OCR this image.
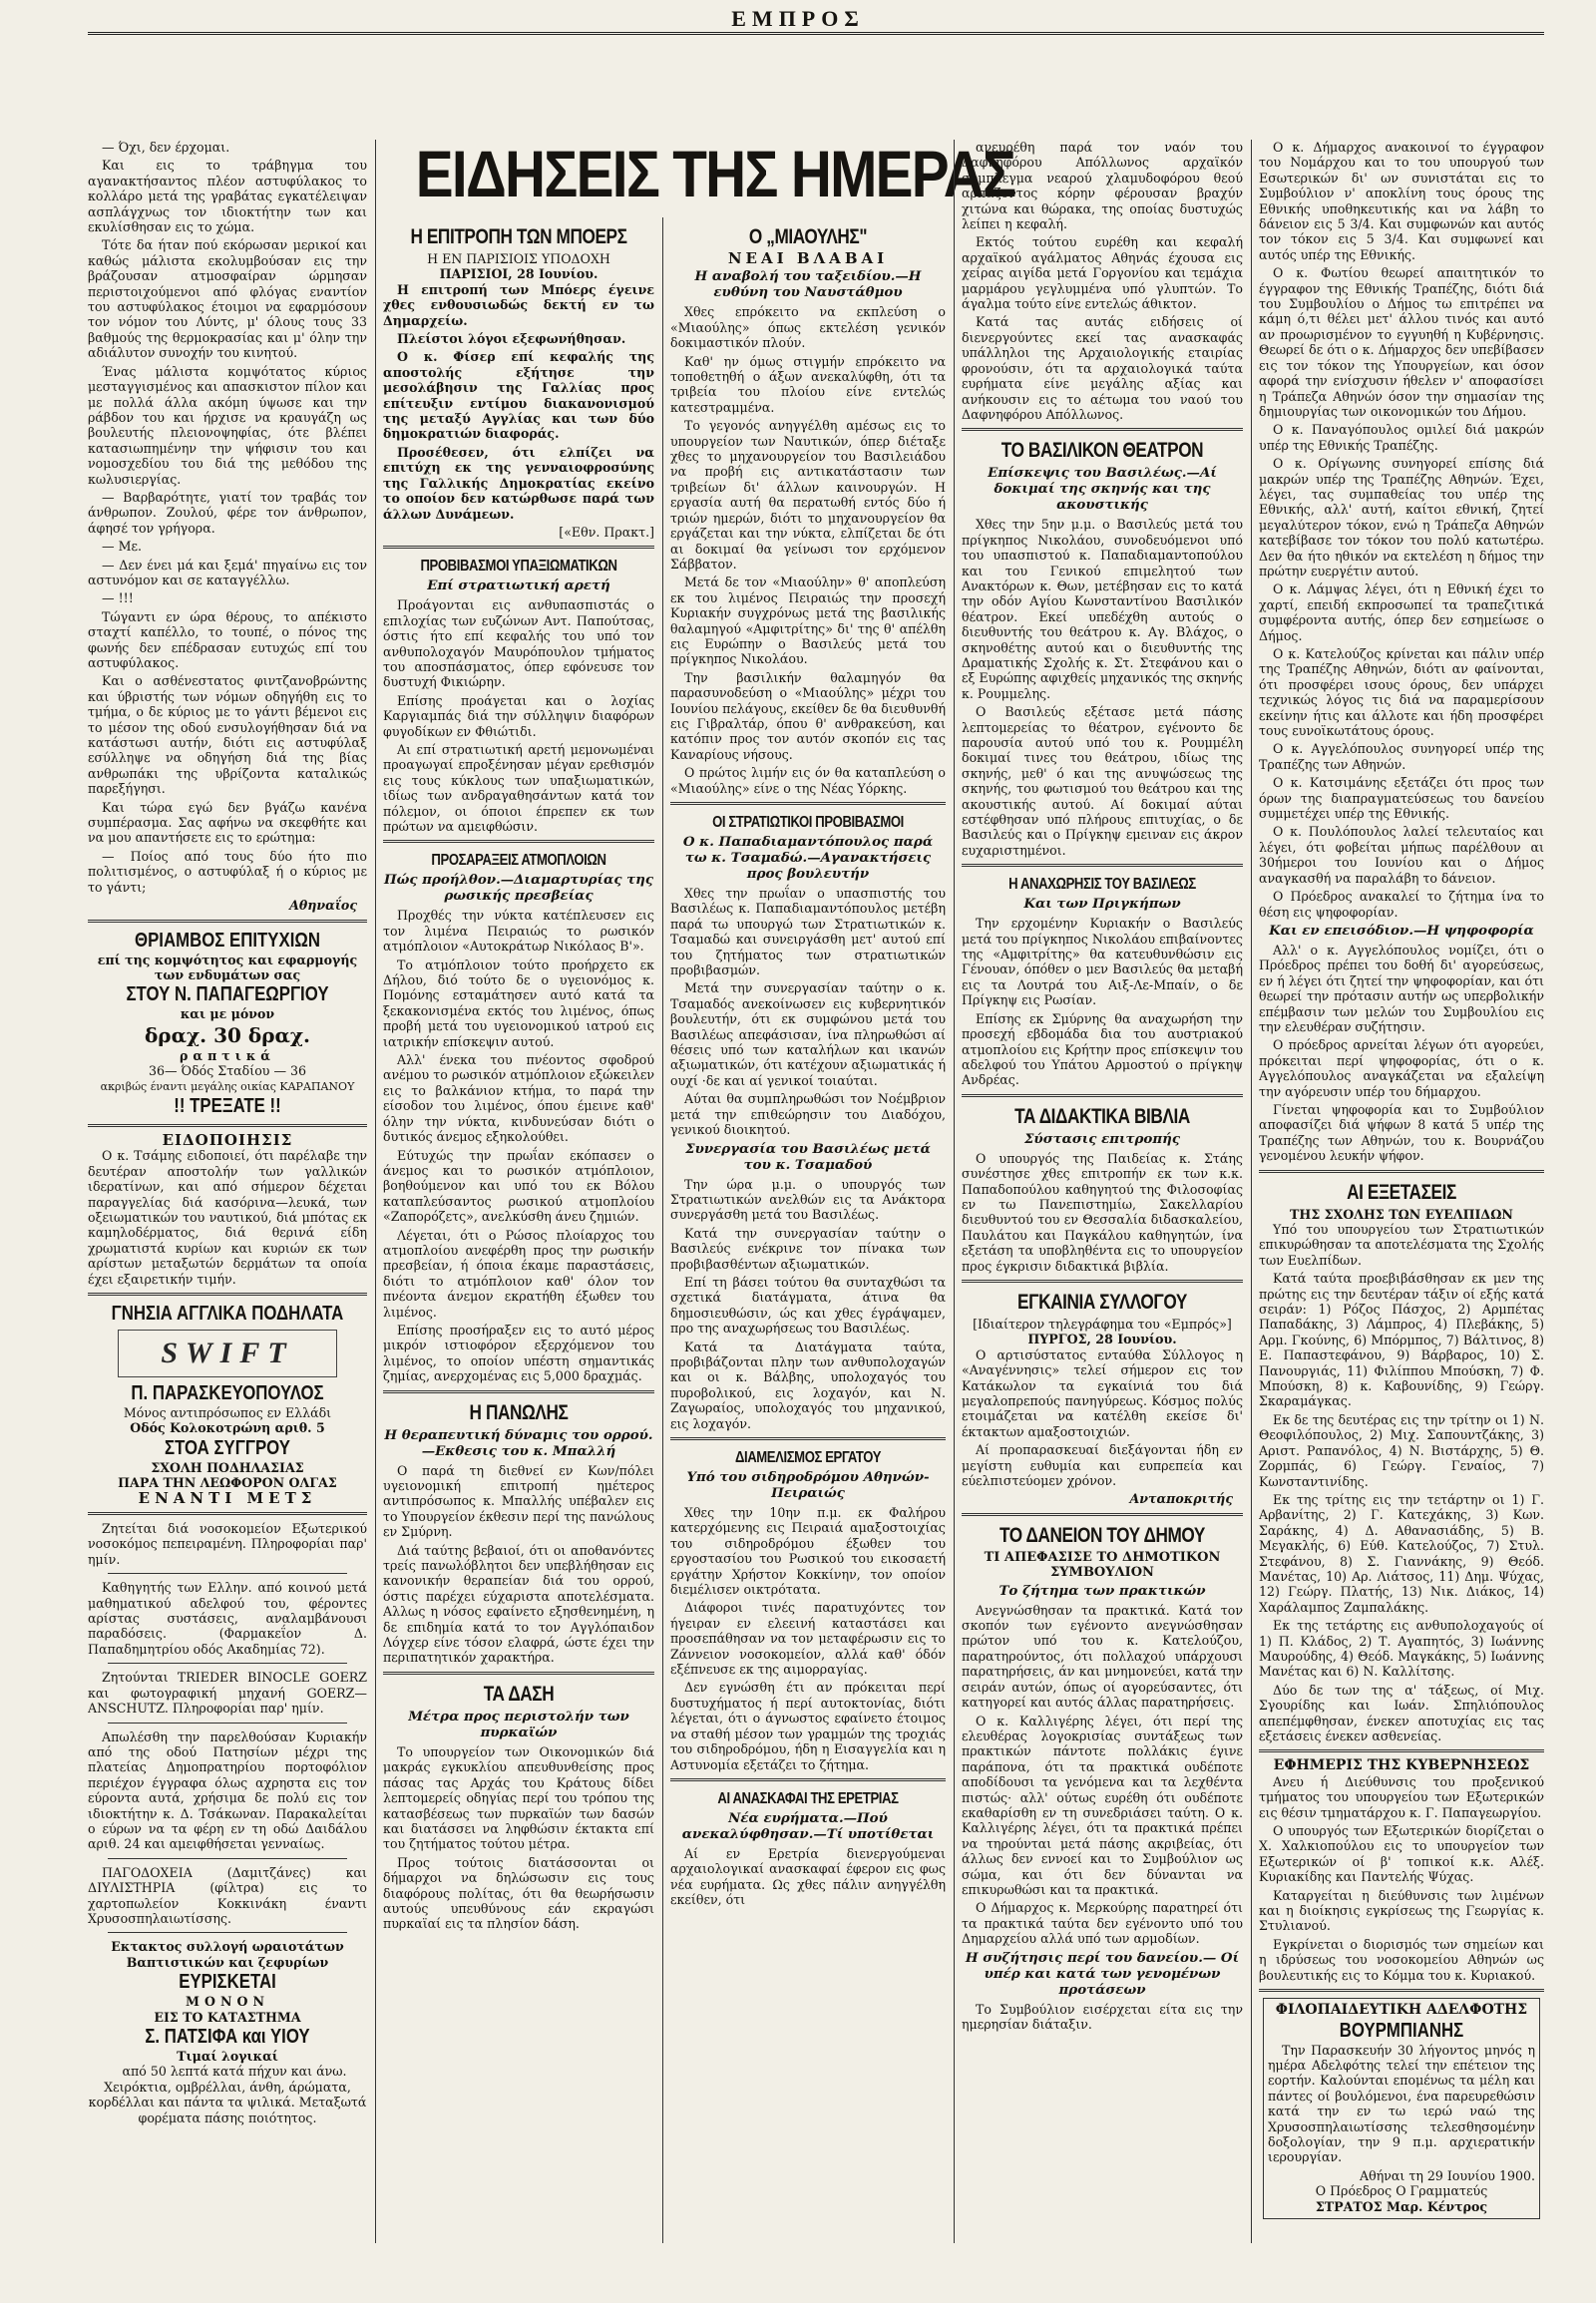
ΕΜΠΡΟΣ
ΕΙΔΗΣΕΙΣ ΤΗΣ ΗΜΕΡΑΣ

— Όχι, δεν έρχομαι.

Και εις το τράβηγμα του αγανακτήσαντος πλέον αστυφύλακος το κολλάρο μετά της γραβάτας εγκατέλειψαν ασπλάγχνως τον ιδιοκτήτην των και εκυλίσθησαν εις το χώμα.

Τότε δα ήταν πού εκόρωσαν μερικοί και καθώς μάλιστα εκολυμβούσαν εις την βράζουσαν ατμοσφαίραν ώρμησαν περιστοιχούμενοι από φλόγας εναντίον του αστυφύλακος έτοιμοι να εφαρμόσουν τον νόμον του Λύντς, μ' όλους τους 33 βαθμούς της θερμοκρασίας και μ' όλην την αδιάλυτον συνοχήν του κινητού.

Ένας μάλιστα κομψότατος κύριος μεσταγγισμένος και απασκιστον πίλον και με πολλά άλλα ακόμη ύψωσε και την ράβδον του και ήρχισε να κραυγάζη ως βουλευτής πλειονοψηφίας, ότε βλέπει κατασιωπημένην την ψήφισιν του και νομοσχεδίου του διά της μεθόδου της κωλυσιεργίας.

— Βαρβαρότητε, γιατί τον τραβάς τον άνθρωπον. Ζουλού, φέρε τον άνθρωπον, άφησέ τον γρήγορα.

— Με.

— Δεν ένει μά και ξεμά' πηγαίνω εις τον αστυνόμον και σε καταγγέλλω.

— !!!

Τώγαντι εν ώρα θέρους, το απέκιστο σταχτί καπέλλο, το τουπέ, ο πόνος της φωνής δεν επέδρασαν ευτυχώς επί του αστυφύλακος.

Και ο ασθένεστατος φιντζανοβρώντης και ύβριστής των νόμων οδηγήθη εις το τμήμα, ο δε κύριος με το γάντι βέμενοι εις το μέσον της οδού ενσυλογήθησαν διά να κατάστωσι αυτήν, διότι εις αστυφύλαξ εσύλληψε να οδηγήση διά της βίας ανθρωπάκι της υβρίζοντα καταλικώς παρεξήγησι.

Και τώρα εγώ δεν βγάζω κανένα συμπέρασμα. Σας αφήνω να σκεφθήτε και να μου απαντήσετε εις το ερώτημα:

— Ποίος από τους δύο ήτο πιο πολιτισμένος, ο αστυφύλαξ ή ο κύριος με το γάντι;

Αθηναΐος
ΘΡΙΑΜΒΟΣ ΕΠΙΤΥΧΙΩΝ
επί της κομψότητος και εφαρμογής των ενδυμάτων σας
ΣΤΟΥ Ν. ΠΑΠΑΓΕΩΡΓΙΟΥ
και με μόνον
δραχ. 30 δραχ.
ραπτικά
36— Όδός Σταδίου — 36
ακριβώς έναντι μεγάλης οικίας ΚΑΡΑΠΑΝΟΥ
!! ΤΡΕΞΑΤΕ !!
ΕΙΔΟΠΟΙΗΣΙΣ

Ο κ. Τσάμης ειδοποιεί, ότι παρέλαβε την δευτέραν αποστολήν των γαλλικών ιδερατίνων, και από σήμερον δέχεται παραγγελίας διά κασόρινα—λευκά, των οξειωματικών του ναυτικού, διά μπότας εκ καμηλοδέρματος, διά θερινά είδη χρωματιστά κυρίων και κυριών εκ των αρίστων μεταξωτών δερμάτων τα οποία έχει εξαιρετικήν τιμήν.

ΓΝΗΣΙΑ ΑΓΓΛΙΚΑ ΠΟΔΗΛΑΤΑ
SWIFT
Π. ΠΑΡΑΣΚΕΥΟΠΟΥΛΟΣ
Μόνος αντιπρόσωπος εν Ελλάδι
Οδός Κολοκοτρώνη αριθ. 5
ΣΤΟΑ ΣΥΓΓΡΟΥ
ΣΧΟΛΗ ΠΟΔΗΛΑΣΙΑΣ
ΠΑΡΑ ΤΗΝ ΛΕΩΦΟΡΟΝ ΟΛΓΑΣ
ΕΝΑΝΤΙ ΜΕΤΣ

Ζητείται διά νοσοκομείον Εξωτερικού νοσοκόμος πεπειραμένη. Πληροφορίαι παρ' ημίν.

Καθηγητής των Ελλην. από κοινού μετά μαθηματικού αδελφού του, φέροντες αρίστας συστάσεις, αναλαμβάνουσι παραδόσεις. (Φαρμακεΐον Δ. Παπαδημητρίου οδός Ακαδημίας 72).

Ζητούνται TRIEDER BINOCLE GOERZ και φωτογραφική μηχανή GOERZ—ANSCHUTZ. Πληροφορίαι παρ' ημίν.

Απωλέσθη την παρελθούσαν Κυριακήν από της οδού Πατησίων μέχρι της πλατείας Δημοπρατηρίου πορτοφόλιον περιέχον έγγραφα όλως αχρηστα εις τον εύροντα αυτά, χρήσιμα δε πολύ εις τον ιδιοκτήτην κ. Δ. Τσάκωναν. Παρακαλείται ο εύρων να τα φέρη εν τη οδώ Δαιδάλου αριθ. 24 και αμειφθήσεται γενναίως.

ΠΑΓΟΔΟΧΕΙΑ (Δαμιτζάνες) και ΔΙΥΛΙΣΤΗΡΙΑ (φίλτρα) εις το χαρτοπωλείον Κοκκινάκη έναντι Χρυσοσπηλαιωτίσσης.

Εκτακτος συλλογή ωραιοτάτων Βαπτιστικών και ζεφυρίων
ΕΥΡΙΣΚΕΤΑΙ
ΜΟΝΟΝ
ΕΙΣ ΤΟ ΚΑΤΑΣΤΗΜΑ
Σ. ΠΑΤΣΙΦΑ και ΥΙΟΥ
Τιμαί λογικαί

από 50 λεπτά κατά πήχυν και άνω. Χειρόκτια, ομβρέλλαι, άνθη, άρώματα, κορδέλλαι και πάντα τα ψιλικά. Μεταξωτά φορέματα πάσης ποιότητος.

Η ΕΠΙΤΡΟΠΗ ΤΩΝ ΜΠΟΕΡΣ
Η ΕΝ ΠΑΡΙΣΙΟΙΣ ΥΠΟΔΟΧΗ
ΠΑΡΙΣΙΟΙ, 28 Ιουνίου.

Η επιτροπή των Μπόερς έγεινε χθες ενθουσιωδώς δεκτή εν τω Δημαρχείω.

Πλείστοι λόγοι εξεφωνήθησαν.

Ο κ. Φίσερ επί κεφαλής της αποστολής εξήτησε την μεσολάβησιν της Γαλλίας προς επίτευξιν εντίμου διακανονισμού της μεταξύ Αγγλίας και των δύο δημοκρατιών διαφοράς.

Προσέθεσεν, ότι ελπίζει να επιτύχη εκ της γενναιοφροσύνης της Γαλλικής Δημοκρατίας εκείνο το οποίον δεν κατώρθωσε παρά των άλλων Δυνάμεων.

[«Εθν. Πρακτ.]
ΠΡΟΒΙΒΑΣΜΟΙ ΥΠΑΞΙΩΜΑΤΙΚΩΝ
Επί στρατιωτική αρετή

Προάγονται εις ανθυπασπιστάς ο επιλοχίας των ευζώνων Αντ. Παπούτσας, όστις ήτο επί κεφαλής του υπό τον ανθυπολοχαγόν Μαυρόπουλον τμήματος του αποσπάσματος, όπερ εφόνευσε τον δυστυχή Φικιώρην.

Επίσης προάγεται και ο λοχίας Καργιαμπάς διά την σύλληψιν διαφόρων φυγοδίκων εν Φθιώτιδι.

Αι επί στρατιωτική αρετή μεμονωμέναι προαγωγαί επροξένησαν μέγαν ερεθισμόν εις τους κύκλους των υπαξιωματικών, ιδίως των ανδραγαθησάντων κατά τον πόλεμον, οι όποιοι έπρεπεν εκ των πρώτων να αμειφθώσιν.

ΠΡΟΣΑΡΑΞΕΙΣ ΑΤΜΟΠΛΟΙΩΝ
Πώς προήλθον.—Διαμαρτυρίας της ρωσικής πρεσβείας

Προχθές την νύκτα κατέπλευσεν εις τον λιμένα Πειραιώς το ρωσικόν ατμόπλοιον «Αυτοκράτωρ Νικόλαος Β'».

Το ατμόπλοιον τούτο προήρχετο εκ Δήλου, διό τούτο δε ο υγειονόμος κ. Πομόνης εσταμάτησεν αυτό κατά τα ξεκακονισμένα εκτός του λιμένος, όπως προβή μετά του υγειονομικού ιατρού εις ιατρικήν επίσκεψιν αυτού.

Αλλ' ένεκα του πνέοντος σφοδρού ανέμου το ρωσικόν ατμόπλοιον εξώκειλεν εις το βαλκάνιον κτήμα, το παρά την είσοδον του λιμένος, όπου έμεινε καθ' όλην την νύκτα, κινδυνεύσαν διότι ο δυτικός άνεμος εξηκολούθει.

Εύτυχώς την πρωΐαν εκόπασεν ο άνεμος και το ρωσικόν ατμόπλοιον, βοηθούμενον και υπό του εκ Βόλου καταπλεύσαντος ρωσικού ατμοπλοίου «Ζαπορόζετς», ανελκύσθη άνευ ζημιών.

Λέγεται, ότι ο Ρώσος πλοίαρχος του ατμοπλοίου ανεφέρθη προς την ρωσικήν πρεσβείαν, ή όποια έκαμε παραστάσεις, διότι το ατμόπλοιον καθ' όλον τον πνέοντα άνεμον εκρατήθη έξωθεν του λιμένος.

Επίσης προσήραξεν εις το αυτό μέρος μικρόν ιστιοφόρον εξερχόμενον του λιμένος, το οποίον υπέστη σημαντικάς ζημίας, ανερχομένας εις 5,000 δραχμάς.

Η ΠΑΝΩΛΗΣ
Η θεραπευτική δύναμις του ορρού.—Εκθεσις του κ. Μπαλλή

Ο παρά τη διεθνεί εν Κων/πόλει υγειονομική επιτροπή ημέτερος αντιπρόσωπος κ. Μπαλλής υπέβαλεν εις το Υπουργείον έκθεσιν περί της πανώλους εν Σμύρνη.

Διά ταύτης βεβαιοί, ότι οι αποθανόντες τρείς πανωλόβλητοι δεν υπεβλήθησαν εις κανονικήν θεραπείαν διά του ορρού, όστις παρέχει εύχαριστα αποτελέσματα. Αλλως η νόσος εφαίνετο εξησθενημένη, η δε επιδημία κατά το τον Αγγλόπαιδον Λόγχερ είνε τόσον ελαφρά, ώστε έχει την περιπατητικόν χαρακτήρα.

ΤΑ ΔΑΣΗ
Μέτρα προς περιστολήν των πυρκαϊών

Το υπουργείον των Οικονομικών διά μακράς εγκυκλίου απευθυνθείσης προς πάσας τας Αρχάς του Κράτους δίδει λεπτομερείς οδηγίας περί του τρόπου της κατασβέσεως των πυρκαϊών των δασών και διατάσσει να ληφθώσιν έκτακτα επί του ζητήματος τούτου μέτρα.

Προς τούτοις διατάσσονται οι δήμαρχοι να δηλώσωσιν εις τους διαφόρους πολίτας, ότι θα θεωρήσωσιν αυτούς υπευθύνους εάν εκραγώσι πυρκαϊαί εις τα πλησίον δάση.

Ο „ΜΙΑΟΥΛΗΣ"
ΝΕΑΙ ΒΛΑΒΑΙ
Η αναβολή του ταξειδίου.—Η ευθύνη του Ναυστάθμου

Χθες επρόκειτο να εκπλεύση ο «Μιαούλης» όπως εκτελέση γενικόν δοκιμαστικόν πλούν.

Καθ' ην όμως στιγμήν επρόκειτο να τοποθετηθή ο άξων ανεκαλύφθη, ότι τα τριβεία του πλοίου είνε εντελώς κατεστραμμένα.

Το γεγονός ανηγγέλθη αμέσως εις το υπουργείον των Ναυτικών, όπερ διέταξε χθες το μηχανουργείον του Βασιλειάδου να προβή εις αντικατάστασιν των τριβείων δι' άλλων καινουργών. Η εργασία αυτή θα περατωθή εντός δύο ή τριών ημερών, διότι το μηχανουργείον θα εργάζεται και την νύκτα, ελπίζεται δε ότι αι δοκιμαί θα γείνωσι τον ερχόμενον Σάββατον.

Μετά δε τον «Μιαούλην» θ' αποπλεύση εκ του λιμένος Πειραιώς την προσεχή Κυριακήν συγχρόνως μετά της βασιλικής θαλαμηγού «Αμφιτρίτης» δι' της θ' απέλθη εις Ευρώπην ο Βασιλεύς μετά του πρίγκηπος Νικολάου.

Την βασιλικήν θαλαμηγόν θα παρασυνοδεύση ο «Μιαούλης» μέχρι του Ιουνίου πελάγους, εκείθεν δε θα διευθυνθή εις Γιβραλτάρ, όπου θ' ανθρακεύση, και κατόπιν προς τον αυτόν σκοπόν εις τας Καναρίους νήσους.

Ο πρώτος λιμήν εις όν θα καταπλεύση ο «Μιαούλης» είνε ο της Νέας Υόρκης.

ΟΙ ΣΤΡΑΤΙΩΤΙΚΟΙ ΠΡΟΒΙΒΑΣΜΟΙ
Ο κ. Παπαδιαμαντόπουλος παρά τω κ. Τσαμαδώ.—Αγανακτήσεις προς βουλευτήν

Χθες την πρωΐαν ο υπασπιστής του Βασιλέως κ. Παπαδιαμαντόπουλος μετέβη παρά τω υπουργώ των Στρατιωτικών κ. Τσαμαδώ και συνειργάσθη μετ' αυτού επί του ζητήματος των στρατιωτικών προβιβασμών.

Μετά την συνεργασίαν ταύτην ο κ. Τσαμαδός ανεκοίνωσεν εις κυβερνητικόν βουλευτήν, ότι εκ συμφώνου μετά του Βασιλέως απεφάσισαν, ίνα πληρωθώσι αί θέσεις υπό των καταλήλων και ικανών αξιωματικών, ότι κατέχουν αξιωματικάς ή ουχί ·δε και αί γενικοί τοιαύται.

Αύται θα συμπληρωθώσι τον Νοέμβριον μετά την επιθεώρησιν του Διαδόχου, γενικού διοικητού.

Συνεργασία του Βασιλέως μετά του κ. Τσαμαδού

Την ώρα μ.μ. ο υπουργός των Στρατιωτικών ανελθών εις τα Ανάκτορα συνεργάσθη μετά του Βασιλέως.

Κατά την συνεργασίαν ταύτην ο Βασιλεύς ενέκρινε τον πίνακα των προβιβασθέντων αξιωματικών.

Επί τη βάσει τούτου θα συνταχθώσι τα σχετικά διατάγματα, άτινα θα δημοσιευθώσιν, ώς και χθες έγράψαμεν, προ της αναχωρήσεως του Βασιλέως.

Κατά τα Διατάγματα ταύτα, προβιβάζονται πλην των ανθυπολοχαγών και οι κ. Βάλβης, υπολοχαγός του πυροβολικού, εις λοχαγόν, και Ν. Ζαγωραίος, υπολοχαγός του μηχανικού, εις λοχαγόν.

ΔΙΑΜΕΛΙΣΜΟΣ ΕΡΓΑΤΟΥ
Υπό του σιδηροδρόμου Αθηνών-Πειραιώς

Χθες την 10ην π.μ. εκ Φαλήρου κατερχόμενης εις Πειραιά αμαξοστοιχίας του σιδηροδρόμου έξωθεν του εργοστασίου του Ρωσικού του εικοσαετή εργάτην Χρήστον Κοκκίνην, τον οποίον διεμέλισεν οικτρότατα.

Διάφοροι τινές παρατυχόντες τον ήγειραν εν ελεεινή καταστάσει και προσεπάθησαν να τον μεταφέρωσιν εις το Ζάννειον νοσοκομείον, αλλά καθ' όδόν εξέπνευσε εκ της αιμορραγίας.

Δεν εγνώσθη έτι αν πρόκειται περί δυστυχήματος ή περί αυτοκτονίας, διότι λέγεται, ότι ο άγνωστος εφαίνετο έτοιμος να σταθή μέσον των γραμμών της τροχιάς του σιδηροδρόμου, ήδη η Εισαγγελία και η Αστυνομία εξετάζει το ζήτημα.

ΑΙ ΑΝΑΣΚΑΦΑΙ ΤΗΣ ΕΡΕΤΡΙΑΣ
Νέα ευρήματα.—Πού ανεκαλύφθησαν.—Τί υποτίθεται

Αί εν Ερετρία διενεργούμεναι αρχαιολογικαί ανασκαφαί έφερον εις φως νέα ευρήματα. Ως χθες πάλιν ανηγγέλθη εκείθεν, ότι

ανευρέθη παρά τον ναόν του Δαφνηφόρου Απόλλωνος αρχαϊκόν σύμπλεγμα νεαρού χλαμυδοφόρου θεού αρπάζοντος κόρην φέρουσαν βραχύν χιτώνα και θώρακα, της οποίας δυστυχώς λείπει η κεφαλή.

Εκτός τούτου ευρέθη και κεφαλή αρχαϊκού αγάλματος Αθηνάς έχουσα εις χείρας αιγίδα μετά Γοργονίου και τεμάχια μαρμάρου γεγλυμμένα υπό γλυπτών. Το άγαλμα τούτο είνε εντελώς άθικτον.

Κατά τας αυτάς ειδήσεις οί διενεργούντες εκεί τας ανασκαφάς υπάλληλοι της Αρχαιολογικής εταιρίας φρονούσιν, ότι τα αρχαιολογικά ταύτα ευρήματα είνε μεγάλης αξίας και ανήκουσιν εις το αέτωμα του ναού του Δαφνηφόρου Απόλλωνος.

ΤΟ ΒΑΣΙΛΙΚΟΝ ΘΕΑΤΡΟΝ
Επίσκεψις του Βασιλέως.—Αί δοκιμαί της σκηνής και της ακουστικής

Χθες την 5ην μ.μ. ο Βασιλεύς μετά του πρίγκηπος Νικολάου, συνοδευόμενοι υπό του υπασπιστού κ. Παπαδιαμαντοπούλου και του Γενικού επιμελητού των Ανακτόρων κ. Θων, μετέβησαν εις το κατά την οδόν Αγίου Κωνσταντίνου Βασιλικόν θέατρον. Εκεί υπεδέχθη αυτούς ο διευθυντής του θεάτρου κ. Αγ. Βλάχος, ο σκηνοθέτης αυτού και ο διευθυντής της Δραματικής Σχολής κ. Στ. Στεφάνου και ο εξ Ευρώπης αφιχθείς μηχανικός της σκηνής κ. Ρουμμελης.

Ο Βασιλεύς εξέτασε μετά πάσης λεπτομερείας το θέατρον, εγένοντο δε παρουσία αυτού υπό του κ. Ρουμμέλη δοκιμαί τινες του θεάτρου, ιδίως της σκηνής, μεθ' ό και της ανυψώσεως της σκηνής, του φωτισμού του θεάτρου και της ακουστικής αυτού. Αί δοκιμαί αύται εστέφθησαν υπό πλήρους επιτυχίας, ο δε Βασιλεύς και ο Πρίγκηψ εμειναν εις άκρον ευχαριστημένοι.

Η ΑΝΑΧΩΡΗΣΙΣ ΤΟΥ ΒΑΣΙΛΕΩΣ
Και των Πριγκήπων

Την ερχομένην Κυριακήν ο Βασιλεύς μετά του πρίγκηπος Νικολάου επιβαίνοντες της «Αμφιτρίτης» θα κατευθυνθώσιν εις Γένουαν, όπόθεν ο μεν Βασιλεύς θα μεταβή εις τα Λουτρά του Αιξ-Λε-Μπαίν, ο δε Πρίγκηψ εις Ρωσίαν.

Επίσης εκ Σμύρνης θα αναχωρήση την προσεχή εβδομάδα δια του αυστριακού ατμοπλοίου εις Κρήτην προς επίσκεψιν του αδελφού του Υπάτου Αρμοστού ο πρίγκηψ Ανδρέας.

ΤΑ ΔΙΔΑΚΤΙΚΑ ΒΙΒΛΙΑ
Σύστασις επιτροπής

Ο υπουργός της Παιδείας κ. Στάης συνέστησε χθες επιτροπήν εκ των κ.κ. Παπαδοπούλου καθηγητού της Φιλοσοφίας εν τω Πανεπιστημίω, Σακελλαρίου διευθυντού του εν Θεσσαλία διδασκαλείου, Παυλάτου και Παγκάλου καθηγητών, ίνα εξετάση τα υποβληθέντα εις το υπουργείον προς έγκρισιν διδακτικά βιβλία.

ΕΓΚΑΙΝΙΑ ΣΥΛΛΟΓΟΥ
[Ιδιαίτερον τηλεγράφημα του «Εμπρός»]
ΠΥΡΓΟΣ, 28 Ιουνίου.

Ο αρτισύστατος ενταύθα Σύλλογος η «Αναγέννησις» τελεί σήμερον εις τον Κατάκωλον τα εγκαίνιά του διά μεγαλοπρεπούς πανηγύρεως. Κόσμος πολύς ετοιμάζεται να κατέλθη εκείσε δι' έκτακτων αμαξοστοιχιών.

Αί προπαρασκευαί διεξάγονται ήδη εν μεγίστη ευθυμία και ευπρεπεία και εύελπιστεύομεν χρόνον.

Ανταποκριτής
ΤΟ ΔΑΝΕΙΟΝ ΤΟΥ ΔΗΜΟΥ
ΤΙ ΑΠΕΦΑΣΙΣΕ ΤΟ ΔΗΜΟΤΙΚΟΝ ΣΥΜΒΟΥΛΙΟΝ
Το ζήτημα των πρακτικών

Ανεγνώσθησαν τα πρακτικά. Κατά τον σκοπόν των εγένοντο ανεγνώσθησαν πρώτον υπό του κ. Κατελούζου, παρατηρούντος, ότι πολλαχού υπάρχουσι παρατηρήσεις, άν και μνημονεύει, κατά την σειράν αυτών, όπως οί αγορεύσαντες, ότι κατηγορεί και αυτός άλλας παρατηρήσεις.

Ο κ. Καλλιγέρης λέγει, ότι περί της ελευθέρας λογοκρισίας συντάξεως των πρακτικών πάντοτε πολλάκις έγινε παράπονα, ότι τα πρακτικά ουδέποτε αποδίδουσι τα γενόμενα και τα λεχθέντα πιστώς· αλλ' ούτως ευρέθη ότι ουδέποτε εκαθαρίσθη εν τη συνεδριάσει ταύτη. Ο κ. Καλλιγέρης λέγει, ότι τα πρακτικά πρέπει να τηρούνται μετά πάσης ακριβείας, ότι άλλως δεν εννοεί και το Συμβούλιον ως σώμα, και ότι δεν δύνανται να επικυρωθώσι και τα πρακτικά.

Ο Δήμαρχος κ. Μερκούρης παρατηρεί ότι τα πρακτικά ταύτα δεν εγένοντο υπό του Δημαρχείου αλλά υπό των αρμοδίων.

Η συζήτησις περί του δανείου.— Οί υπέρ και κατά των γενομένων προτάσεων

Το Συμβούλιον εισέρχεται είτα εις την ημερησίαν διάταξιν.

Ο κ. Δήμαρχος ανακοινοί το έγγραφον του Νομάρχου και το του υπουργού των Εσωτερικών δι' ων συνιστάται εις το Συμβούλιον ν' αποκλίνη τους όρους της Εθνικής υποθηκευτικής και να λάβη το δάνειον εις 5 3/4. Και συμφωνών και αυτός τον τόκον εις 5 3/4. Και συμφωνεί και αυτός υπέρ της Εθνικής.

Ο κ. Φωτίου θεωρεί απαιτητικόν το έγγραφον της Εθνικής Τραπέζης, διότι διά του Συμβουλίου ο Δήμος τω επιτρέπει να κάμη ό,τι θέλει μετ' άλλου τινός και αυτό αν προωρισμένον το εγγυηθή η Κυβέρνησις. Θεωρεί δε ότι ο κ. Δήμαρχος δεν υπεβίβασεν εις τον τόκον της Υπουργείων, και όσον αφορά την ενίσχυσιν ήθελεν ν' αποφασίσει η Τράπεζα Αθηνών όσον την σημασίαν της δημιουργίας των οικονομικών του Δήμου.

Ο κ. Παναγόπουλος ομιλεί διά μακρών υπέρ της Εθνικής Τραπέζης.

Ο κ. Ορίγωνης συνηγορεί επίσης διά μακρών υπέρ της Τραπέζης Αθηνών. Έχει, λέγει, τας συμπαθείας του υπέρ της Εθνικής, αλλ' αυτή, καίτοι εθνική, ζητεί μεγαλύτερον τόκον, ενώ η Τράπεζα Αθηνών κατεβίβασε τον τόκον του πολύ κατωτέρω. Δεν θα ήτο ηθικόν να εκτελέση η δήμος την πρώτην ευεργέτιν αυτού.

Ο κ. Λάμψας λέγει, ότι η Εθνική έχει το χαρτί, επειδή εκπροσωπεί τα τραπεζιτικά συμφέροντα αυτής, όπερ δεν εσημείωσε ο Δήμος.

Ο κ. Κατελούζος κρίνεται και πάλιν υπέρ της Τραπέζης Αθηνών, διότι αν φαίνονται, ότι προσφέρει ισους όρους, δεν υπάρχει τεχνικώς λόγος τις διά να παραμερίσουν εκείνην ήτις και άλλοτε και ήδη προσφέρει τους ευνοϊκωτάτους όρους.

Ο κ. Αγγελόπουλος συνηγορεί υπέρ της Τραπέζης των Αθηνών.

Ο κ. Κατσιμάνης εξετάζει ότι προς των όρων της διαπραγματεύσεως του δανείου συμμετέχει υπέρ της Εθνικής.

Ο κ. Πουλόπουλος λαλεί τελευταίος και λέγει, ότι φοβείται μήπως παρέλθουν αι 30ήμεροι του Ιουνίου και ο Δήμος αναγκασθή να παραλάβη το δάνειον.

Ο Πρόεδρος ανακαλεί το ζήτημα ίνα το θέση εις ψηφοφορίαν.

Και εν επεισόδιον.—Η ψηφοφορία

Αλλ' ο κ. Αγγελόπουλος νομίζει, ότι ο Πρόεδρος πρέπει του δοθή δι' αγορεύσεως, εν ή λέγει ότι ζητεί την ψηφοφορίαν, και ότι θεωρεί την πρότασιν αυτήν ως υπερβολικήν επέμβασιν των μελών του Συμβουλίου εις την ελευθέραν συζήτησιν.

Ο πρόεδρος αρνείται λέγων ότι αγορεύει, πρόκειται περί ψηφοφορίας, ότι ο κ. Αγγελόπουλος αναγκάζεται να εξαλείψη την αγόρευσιν υπέρ του δήμαρχου.

Γίνεται ψηφοφορία και το Συμβούλιον αποφασίζει διά ψήφων 8 κατά 5 υπέρ της Τραπέζης των Αθηνών, του κ. Βουρνάζου γενομένου λευκήν ψήφον.

ΑΙ ΕΞΕΤΑΣΕΙΣ
ΤΗΣ ΣΧΟΛΗΣ ΤΩΝ ΕΥΕΛΠΙΔΩΝ

Υπό του υπουργείου των Στρατιωτικών επικυρώθησαν τα αποτελέσματα της Σχολής των Ευελπίδων.

Κατά ταύτα προεβιβάσθησαν εκ μεν της πρώτης εις την δευτέραν τάξιν οί εξής κατά σειράν: 1) Ρόζος Πάσχος, 2) Αρμπέτας Παπαδάκης, 3) Λάμπρος, 4) Πλεβάκης, 5) Αρμ. Γκούνης, 6) Μπόρμπος, 7) Βάλτινος, 8) Ε. Παπαστεφάνου, 9) Βάρβαρος, 10) Σ. Πανουργιάς, 11) Φιλίππου Μπούσκη, 7) Φ. Μπούσκη, 8) κ. Καβουνίδης, 9) Γεώργ. Σκαραμάγκας.

Εκ δε της δευτέρας εις την τρίτην οι 1) Ν. Θεοφιλόπουλος, 2) Μιχ. Σαπουντζάκης, 3) Αριστ. Ραπανόλος, 4) Ν. Βιστάρχης, 5) Θ. Ζορμπάς, 6) Γεώργ. Γεναίος, 7) Κωνσταντινίδης.

Εκ της τρίτης εις την τετάρτην οι 1) Γ. Αρβανίτης, 2) Γ. Κατεχάκης, 3) Κων. Σαράκης, 4) Δ. Αθανασιάδης, 5) Β. Μεγακλής, 6) Εύθ. Κατελούζος, 7) Στυλ. Στεφάνου, 8) Σ. Γιαννάκης, 9) Θεόδ. Μανέτας, 10) Αρ. Λιάτσος, 11) Δημ. Ψύχας, 12) Γεώργ. Πλατής, 13) Νικ. Διάκος, 14) Χαράλαμπος Ζαμπαλάκης.

Εκ της τετάρτης εις ανθυπολοχαγούς οί 1) Π. Κλάδος, 2) Τ. Αγαπητός, 3) Ιωάννης Μαυρούδης, 4) Θεόδ. Μαγκάκης, 5) Ιωάννης Μανέτας και 6) Ν. Καλλίτσης.

Δύο δε των της α' τάξεως, οί Μιχ. Σγουρίδης και Ιωάν. Σπηλιόπουλος απεπέμφθησαν, ένεκεν αποτυχίας εις τας εξετάσεις ένεκεν ασθενείας.

ΕΦΗΜΕΡΙΣ ΤΗΣ ΚΥΒΕΡΝΗΣΕΩΣ

Ανευ ή Διεύθυνσις του προξενικού τμήματος του υπουργείου των Εξωτερικών εις θέσιν τμηματάρχου κ. Γ. Παπαγεωργίου.

Ο υπουργός των Εξωτερικών διορίζεται ο Χ. Χαλκιοπούλου εις το υπουργείον των Εξωτερικών οί β' τοπικοί κ.κ. Αλέξ. Κυριακίδης και Παντελής Ψύχας.

Καταργείται η διεύθυνσις των λιμένων και η διοίκησις εγκρίσεως της Γεωργίας κ. Στυλιανού.

Εγκρίνεται ο διορισμός των σημείων και η ιδρύσεως του νοσοκομείου Αθηνών ως βουλευτικής εις το Κόμμα του κ. Κυριακού.

ΦΙΛΟΠΑΙΔΕΥΤΙΚΗ ΑΔΕΛΦΟΤΗΣ
ΒΟΥΡΜΠΙΑΝΗΣ

Την Παρασκευήν 30 λήγοντος μηνός η ημέρα Αδελφότης τελεί την επέτειον της εορτήν. Καλούνται επομένως τα μέλη και πάντες οί βουλόμενοι, ένα παρευρεθώσιν κατά την εν τω ιερώ ναώ της Χρυσοσπηλαιωτίσσης τελεσθησομένην δοξολογίαν, την 9 π.μ. αρχιερατικήν ιερουργίαν.

Αθήναι τη 29 Ιουνίου 1900.
Ο Πρόεδρος Ο Γραμματεύς
ΣΤΡΑΤΟΣ Μαρ. Κέντρος
